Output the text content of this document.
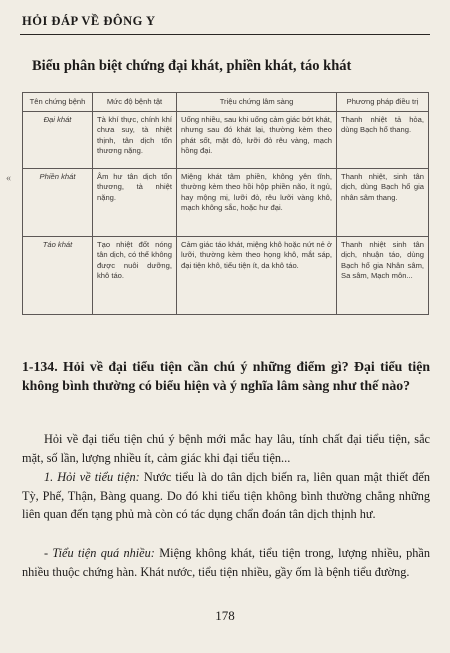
HỎI ĐÁP VỀ ĐÔNG Y
«
Biểu phân biệt chứng đại khát, phiền khát, táo khát
Tên chứng bệnh	Mức độ bệnh tật	Triệu chứng lâm sàng	Phương pháp điều trị
Đại khát	Tà khí thực, chính khí chưa suy, tà nhiệt thịnh, tân dịch tổn thương nặng.	Uống nhiều, sau khi uống cảm giác bớt khát, nhưng sau đó khát lại, thường kèm theo phát sốt, mặt đỏ, lưỡi đỏ rêu vàng, mạch hồng đại.	Thanh nhiệt tả hỏa, dùng Bạch hổ thang.
Phiền khát	Âm hư tân dịch tổn thương, tà nhiệt nặng.	Miệng khát tâm phiền, không yên tĩnh, thường kèm theo hồi hộp phiền não, ít ngủ, hay mộng mị, lưỡi đỏ, rêu lưỡi vàng khô, mạch không sắc, hoặc hư đại.	Thanh nhiệt, sinh tân dịch, dùng Bạch hổ gia nhân sâm thang.
Táo khát	Tạo nhiệt đốt nóng tân dịch, có thể không được nuôi dưỡng, khô táo.	Cảm giác táo khát, miệng khô hoặc nứt nẻ ở lưỡi, thường kèm theo họng khô, mắt sáp, đại tiện khô, tiểu tiện ít, da khô táo.	Thanh nhiệt sinh tân dịch, nhuận táo, dùng Bạch hổ gia Nhân sâm, Sa sâm, Mạch môn...
1-134. Hỏi về đại tiểu tiện cần chú ý những điểm gì? Đại tiểu tiện không bình thường có biểu hiện và ý nghĩa lâm sàng như thế nào?
Hỏi về đại tiểu tiện chú ý bệnh mới mắc hay lâu, tính chất đại tiểu tiện, sắc mặt, số lần, lượng nhiều ít, cảm giác khi đại tiểu tiện...
1. Hỏi về tiểu tiện: Nước tiểu là do tân dịch biến ra, liên quan mật thiết đến Tỳ, Phế, Thận, Bàng quang. Do đó khi tiểu tiện không bình thường chẳng những liên quan đến tạng phủ mà còn có tác dụng chẩn đoán tân dịch thịnh hư.
- Tiểu tiện quá nhiều: Miệng không khát, tiểu tiện trong, lượng nhiều, phần nhiều thuộc chứng hàn. Khát nước, tiểu tiện nhiều, gầy ốm là bệnh tiểu đường.
178
